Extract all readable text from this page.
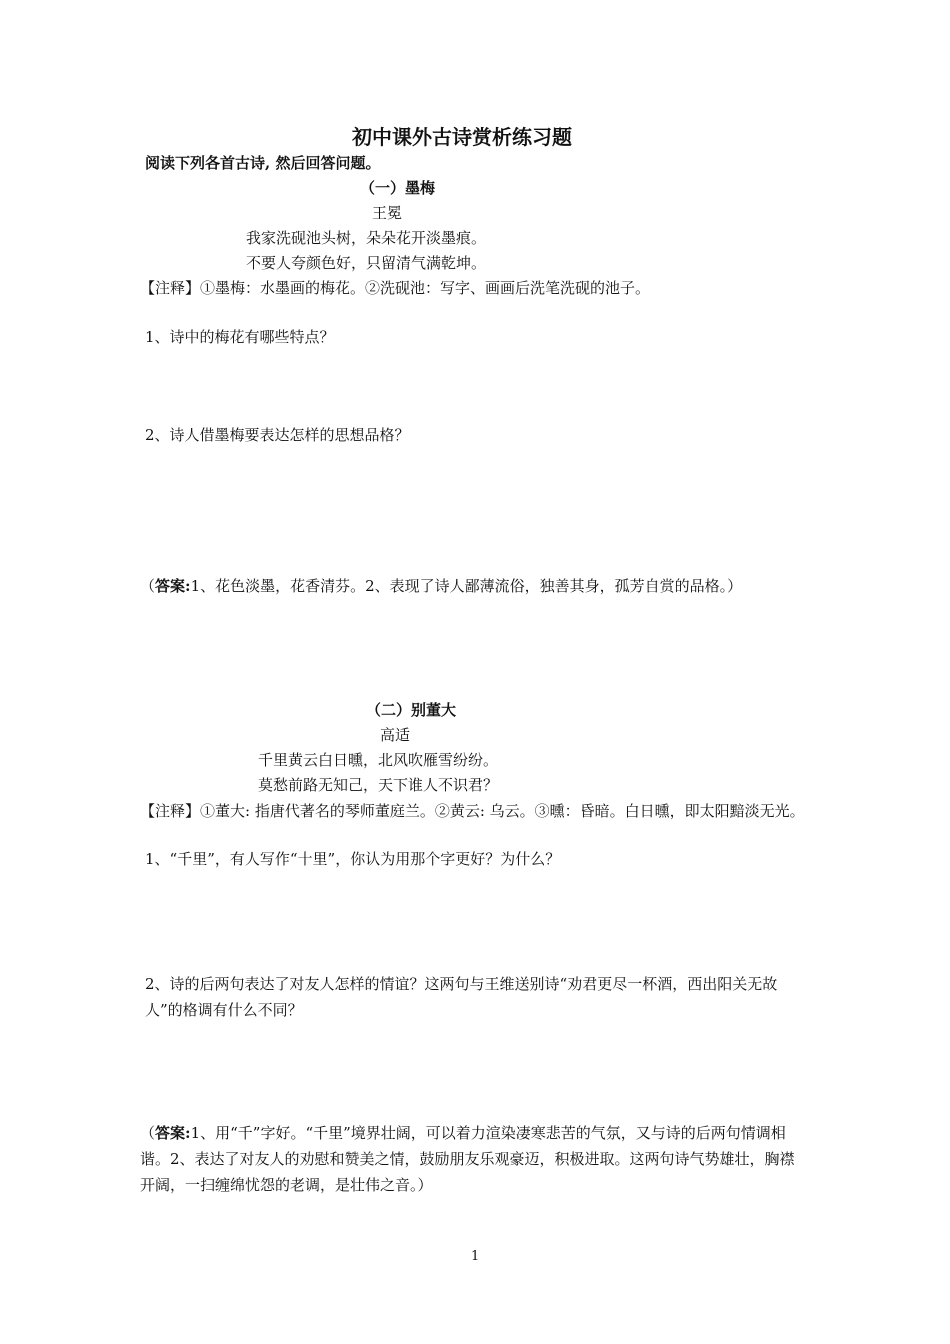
初中课外古诗赏析练习题
阅读下列各首古诗, 然后回答问题。
（一）墨梅
王冕
我家洗砚池头树，朵朵花开淡墨痕。
不要人夸颜色好，只留清气满乾坤。
【注释】①墨梅：水墨画的梅花。②洗砚池：写字、画画后洗笔洗砚的池子。
1、诗中的梅花有哪些特点？
2、诗人借墨梅要表达怎样的思想品格？
（答案:1、花色淡墨，花香清芬。2、表现了诗人鄙薄流俗，独善其身，孤芳自赏的品格。）
（二）别董大
高适
千里黄云白日曛，北风吹雁雪纷纷。
莫愁前路无知己，天下谁人不识君？
【注释】①董大: 指唐代著名的琴师董庭兰。②黄云: 乌云。③曛：昏暗。白日曛，即太阳黯淡无光。
1、“千里”，有人写作“十里”，你认为用那个字更好？为什么？
2、诗的后两句表达了对友人怎样的情谊？这两句与王维送别诗“劝君更尽一杯酒，西出阳关无故人”的格调有什么不同？
（答案:1、用“千”字好。“千里”境界壮阔，可以着力渲染凄寒悲苦的气氛，又与诗的后两句情调相谐。2、表达了对友人的劝慰和赞美之情，鼓励朋友乐观豪迈，积极进取。这两句诗气势雄壮，胸襟开阔，一扫缠绵忧怨的老调，是壮伟之音。）
1
